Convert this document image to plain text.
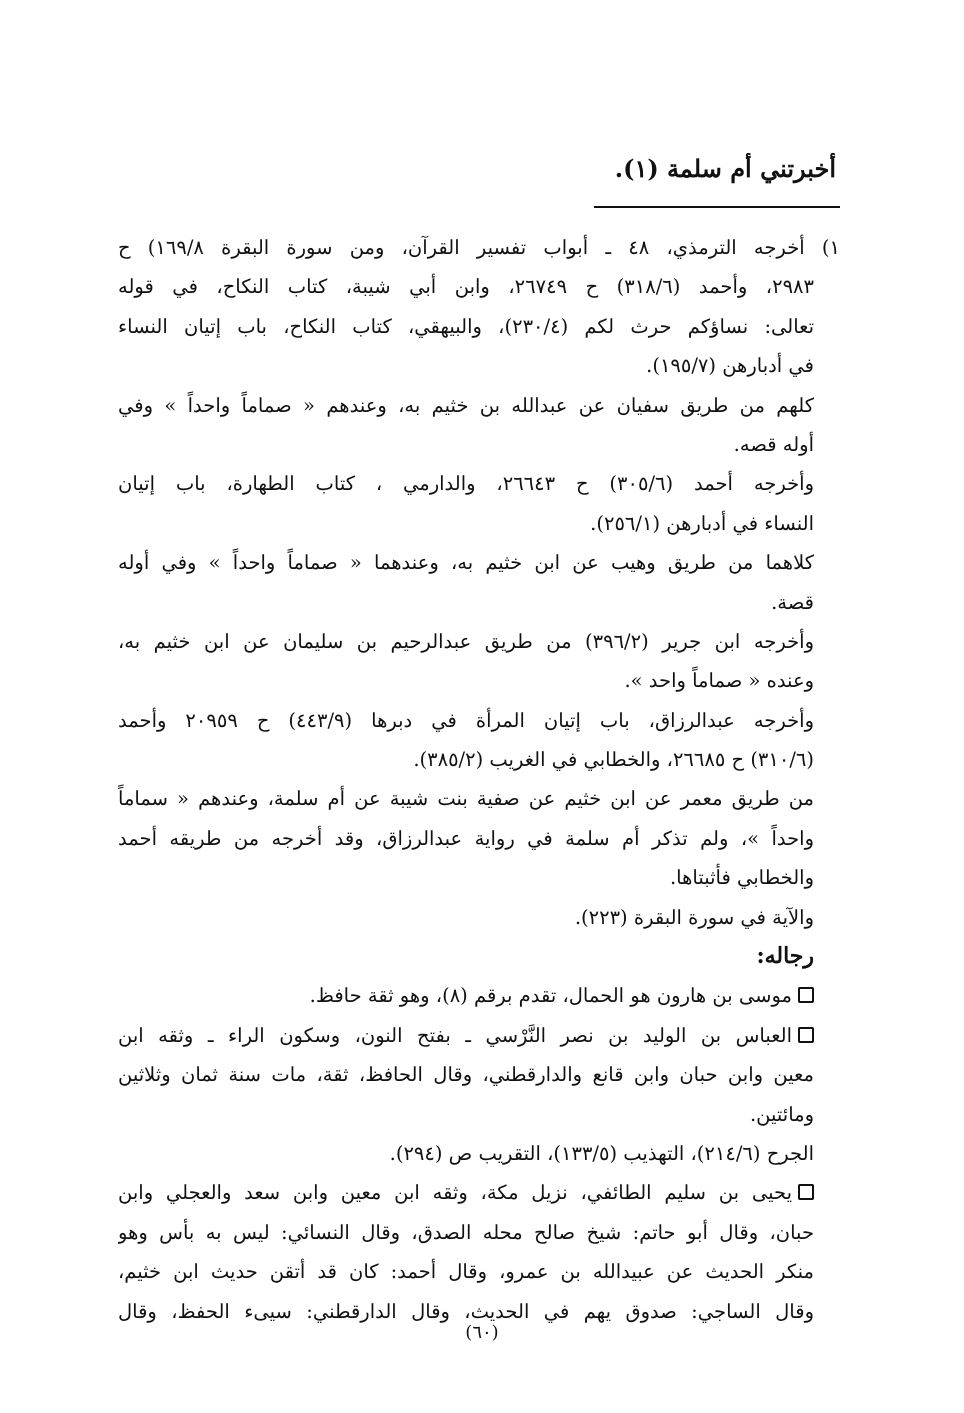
أخبرتني أم سلمة (١).
١) أخرجه الترمذي، ٤٨ ـ أبواب تفسير القرآن، ومن سورة البقرة ١٦٩/٨) ح
٢٩٨٣، وأحمد (٣١٨/٦) ح ٢٦٧٤٩، وابن أبي شيبة، كتاب النكاح، في قوله
تعالى: نساؤكم حرث لكم (٢٣٠/٤)، والبيهقي، كتاب النكاح، باب إتيان النساء
في أدبارهن (١٩٥/٧).
كلهم من طريق سفيان عن عبدالله بن خثيم به، وعندهم « صماماً واحداً » وفي
أوله قصه.
وأخرجه أحمد (٣٠٥/٦) ح ٢٦٦٤٣، والدارمي ، كتاب الطهارة، باب إتيان
النساء في أدبارهن (٢٥٦/١).
كلاهما من طريق وهيب عن ابن خثيم به، وعندهما « صماماً واحداً » وفي أوله
قصة.
وأخرجه ابن جرير (٣٩٦/٢) من طريق عبدالرحيم بن سليمان عن ابن خثيم به،
وعنده « صماماً واحد ».
وأخرجه عبدالرزاق، باب إتيان المرأة في دبرها (٤٤٣/٩) ح ٢٠٩٥٩ وأحمد
(٣١٠/٦) ح ٢٦٦٨٥، والخطابي في الغريب (٣٨٥/٢).
من طريق معمر عن ابن خثيم عن صفية بنت شيبة عن أم سلمة، وعندهم « سماماً
واحداً »، ولم تذكر أم سلمة في رواية عبدالرزاق، وقد أخرجه من طريقه أحمد
والخطابي فأثبتاها.
والآية في سورة البقرة (٢٢٣).
رجاله:
موسى بن هارون هو الحمال، تقدم برقم (٨)، وهو ثقة حافظ.
العباس بن الوليد بن نصر النَّرْسي ـ بفتح النون، وسكون الراء ـ وثقه ابن
معين وابن حبان وابن قانع والدارقطني، وقال الحافظ، ثقة، مات سنة ثمان وثلاثين
ومائتين.
الجرح (٢١٤/٦)، التهذيب (١٣٣/٥)، التقريب ص (٢٩٤).
يحيى بن سليم الطائفي، نزيل مكة، وثقه ابن معين وابن سعد والعجلي وابن
حبان، وقال أبو حاتم: شيخ صالح محله الصدق، وقال النسائي: ليس به بأس وهو
منكر الحديث عن عبيدالله بن عمرو، وقال أحمد: كان قد أتقن حديث ابن خثيم،
وقال الساجي: صدوق يهم في الحديث، وقال الدارقطني: سيىء الحفظ، وقال
(٦٠)
